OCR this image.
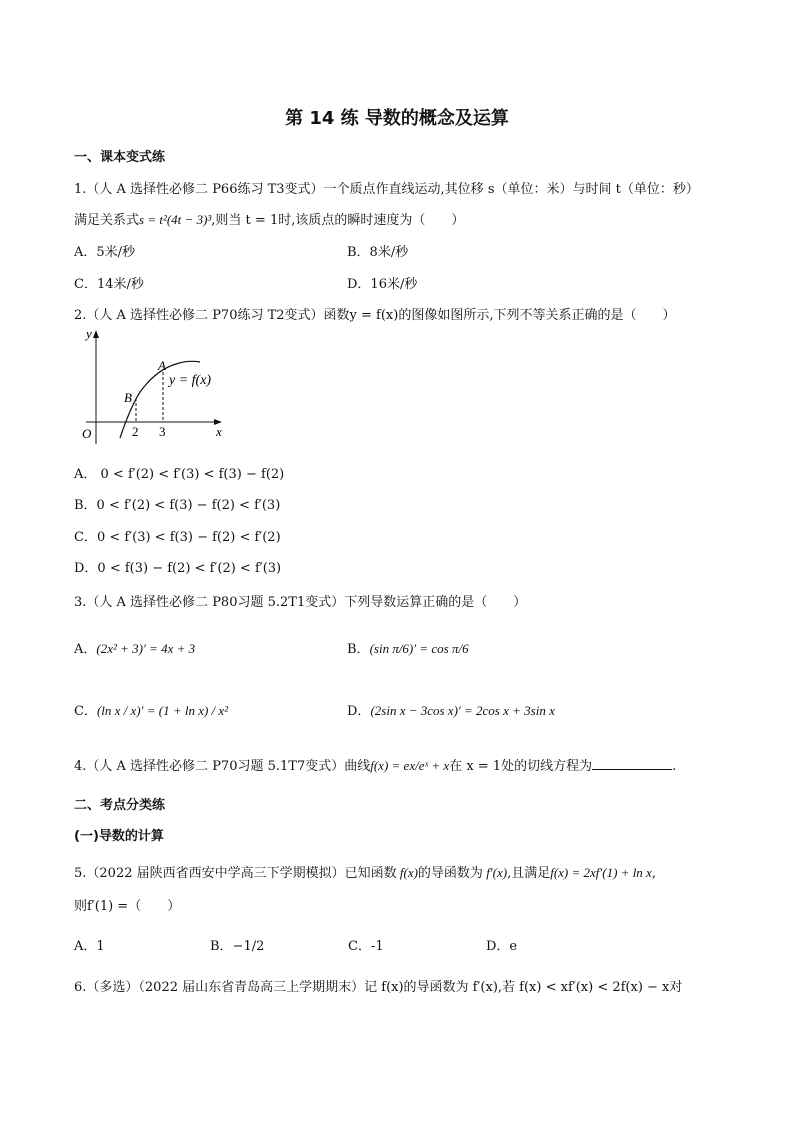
第 14 练 导数的概念及运算
一、课本变式练
1.（人 A 选择性必修二 P66练习 T3变式）一个质点作直线运动,其位移 s（单位：米）与时间 t（单位：秒）
满足关系式s = t²(4t − 3)³,则当 t = 1时,该质点的瞬时速度为（　　）
A．5米/秒	B．8米/秒
C．14米/秒	D．16米/秒
2.（人 A 选择性必修二 P70练习 T2变式）函数y = f(x)的图像如图所示,下列不等关系正确的是（　　）
y
x
O
B
A
y = f(x)
2 3
A． 0 < f′(2) < f′(3) < f(3) − f(2)
B．0 < f′(2) < f(3) − f(2) < f′(3)
C．0 < f′(3) < f(3) − f(2) < f′(2)
D．0 < f(3) − f(2) < f′(2) < f′(3)
3.（人 A 选择性必修二 P80习题 5.2T1变式）下列导数运算正确的是（　　）
A．(2x² + 3)′ = 4x + 3	B．(sin π/6)′ = cos π/6
C．(ln x / x)′ = (1 + ln x) / x²	D．(2sin x − 3cos x)′ = 2cos x + 3sin x
4.（人 A 选择性必修二 P70习题 5.1T7变式）曲线f(x) = ex/eˣ + x在 x = 1处的切线方程为	.
二、考点分类练
(一)导数的计算
5.（2022 届陕西省西安中学高三下学期模拟）已知函数 f(x)的导函数为 f′(x),且满足f(x) = 2xf′(1) + ln x,
则f′(1) =（　　）
A．1	B．−1/2	C．-1	D．e
6.（多选）（2022 届山东省青岛高三上学期期末）记 f(x)的导函数为 f′(x),若 f(x) < xf′(x) < 2f(x) − x对
